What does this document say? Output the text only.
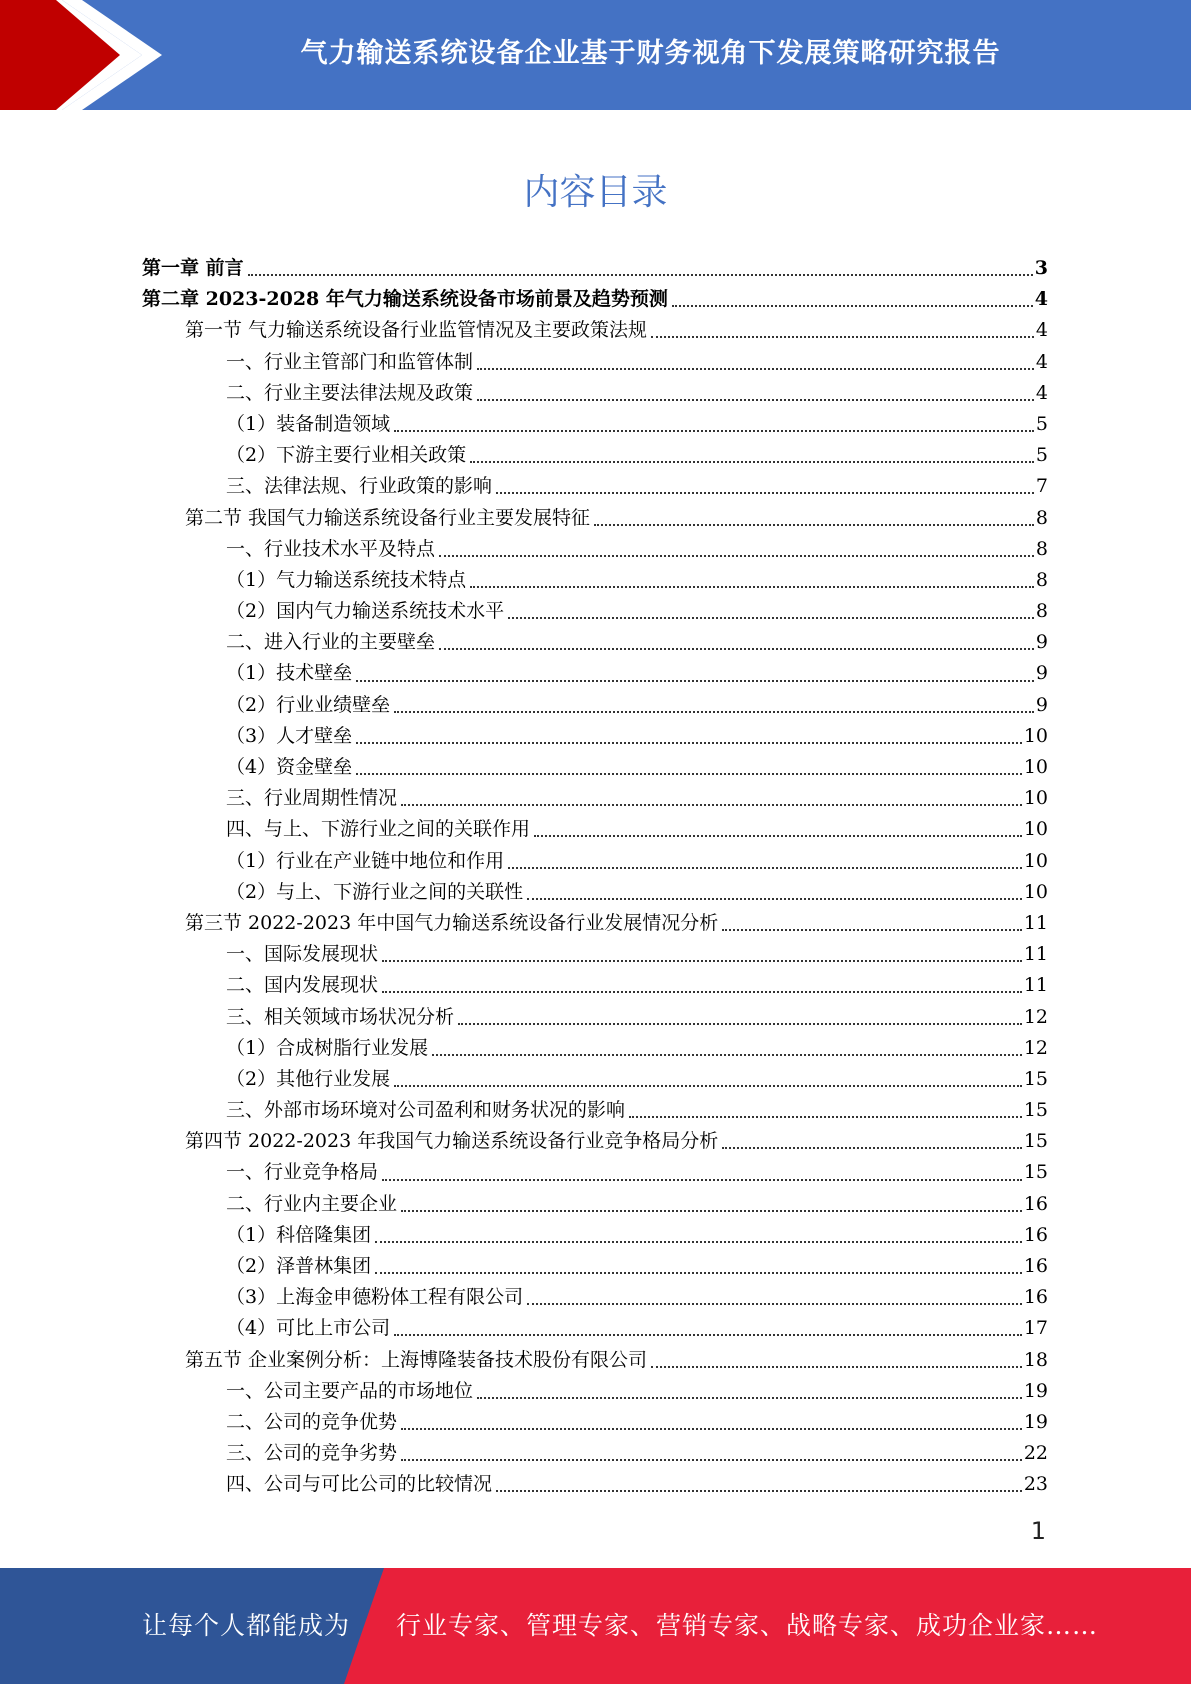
气力输送系统设备企业基于财务视角下发展策略研究报告
内容目录
第一章 前言	3
第二章 2023-2028 年气力输送系统设备市场前景及趋势预测	4
第一节 气力输送系统设备行业监管情况及主要政策法规	4
一、行业主管部门和监管体制	4
二、行业主要法律法规及政策	4
（1）装备制造领域	5
（2）下游主要行业相关政策	5
三、法律法规、行业政策的影响	7
第二节 我国气力输送系统设备行业主要发展特征	8
一、行业技术水平及特点	8
（1）气力输送系统技术特点	8
（2）国内气力输送系统技术水平	8
二、进入行业的主要壁垒	9
（1）技术壁垒	9
（2）行业业绩壁垒	9
（3）人才壁垒	10
（4）资金壁垒	10
三、行业周期性情况	10
四、与上、下游行业之间的关联作用	10
（1）行业在产业链中地位和作用	10
（2）与上、下游行业之间的关联性	10
第三节 2022-2023 年中国气力输送系统设备行业发展情况分析	11
一、国际发展现状	11
二、国内发展现状	11
三、相关领域市场状况分析	12
（1）合成树脂行业发展	12
（2）其他行业发展	15
三、外部市场环境对公司盈利和财务状况的影响	15
第四节 2022-2023 年我国气力输送系统设备行业竞争格局分析	15
一、行业竞争格局	15
二、行业内主要企业	16
（1）科倍隆集团	16
（2）泽普林集团	16
（3）上海金申德粉体工程有限公司	16
（4）可比上市公司	17
第五节 企业案例分析：上海博隆装备技术股份有限公司	18
一、公司主要产品的市场地位	19
二、公司的竞争优势	19
三、公司的竞争劣势	22
四、公司与可比公司的比较情况	23
1
让每个人都能成为 行业专家、管理专家、营销专家、战略专家、成功企业家……
